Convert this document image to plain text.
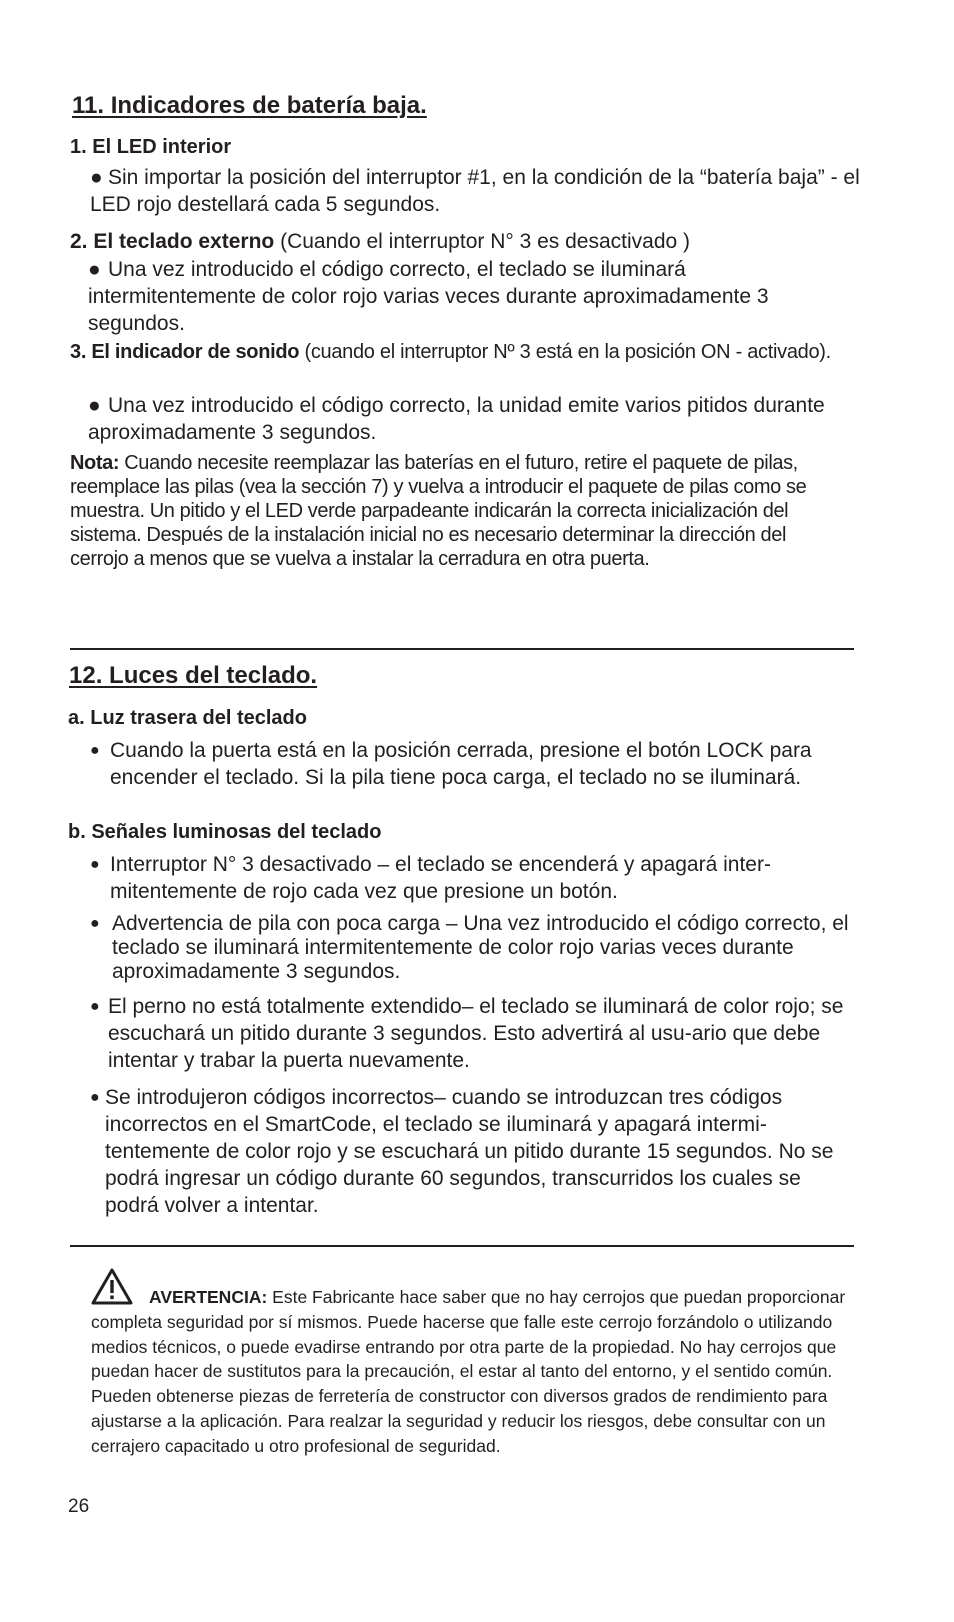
11. Indicadores de batería baja.
1. El LED interior
● Sin importar la posición del interruptor #1, en la condición de la “batería baja” - el LED rojo destellará cada 5 segundos.
2. El teclado externo (Cuando el interruptor N° 3 es desactivado )
● Una vez introducido el código correcto, el teclado se iluminará intermitentemente de color rojo varias veces durante aproximadamente 3 segundos.
3. El indicador de sonido (cuando el interruptor Nº 3 está en la posición ON - activado).
● Una vez introducido el código correcto, la unidad emite varios pitidos durante aproximadamente 3 segundos.
Nota: Cuando necesite reemplazar las baterías en el futuro, retire el paquete de pilas, reemplace las pilas (vea la sección 7) y vuelva a introducir el paquete de pilas como se muestra. Un pitido y el LED verde parpadeante indicarán la correcta inicialización del sistema. Después de la instalación inicial no es necesario determinar la dirección del cerrojo a menos que se vuelva a instalar la cerradura en otra puerta.
12. Luces del teclado.
a. Luz trasera del teclado
● Cuando la puerta está en la posición cerrada, presione el botón LOCK para encender el teclado. Si la pila tiene poca carga, el teclado no se iluminará.
b. Señales luminosas del teclado
● Interruptor N° 3 desactivado – el teclado se encenderá y apagará inter-mitentemente de rojo cada vez que presione un botón.
● Advertencia de pila con poca carga – Una vez introducido el código correcto, el teclado se iluminará intermitentemente de color rojo varias veces durante aproximadamente 3 segundos.
● El perno no está totalmente extendido– el teclado se iluminará de color rojo; se escuchará un pitido durante 3 segundos. Esto advertirá al usu-ario que debe intentar y trabar la puerta nuevamente.
● Se introdujeron códigos incorrectos– cuando se introduzcan tres códigos incorrectos en el SmartCode, el teclado se iluminará y apagará intermi-tentemente de color rojo y se escuchará un pitido durante 15 segundos. No se podrá ingresar un código durante 60 segundos, transcurridos los cuales se podrá volver a intentar.
AVERTENCIA: Este Fabricante hace saber que no hay cerrojos que puedan proporcionar completa seguridad por sí mismos. Puede hacerse que falle este cerrojo forzándolo o utilizando medios técnicos, o puede evadirse entrando por otra parte de la propiedad. No hay cerrojos que puedan hacer de sustitutos para la precaución, el estar al tanto del entorno, y el sentido común. Pueden obtenerse piezas de ferretería de constructor con diversos grados de rendimiento para ajustarse a la aplicación. Para realzar la seguridad y reducir los riesgos, debe consultar con un cerrajero capacitado u otro profesional de seguridad.
26
